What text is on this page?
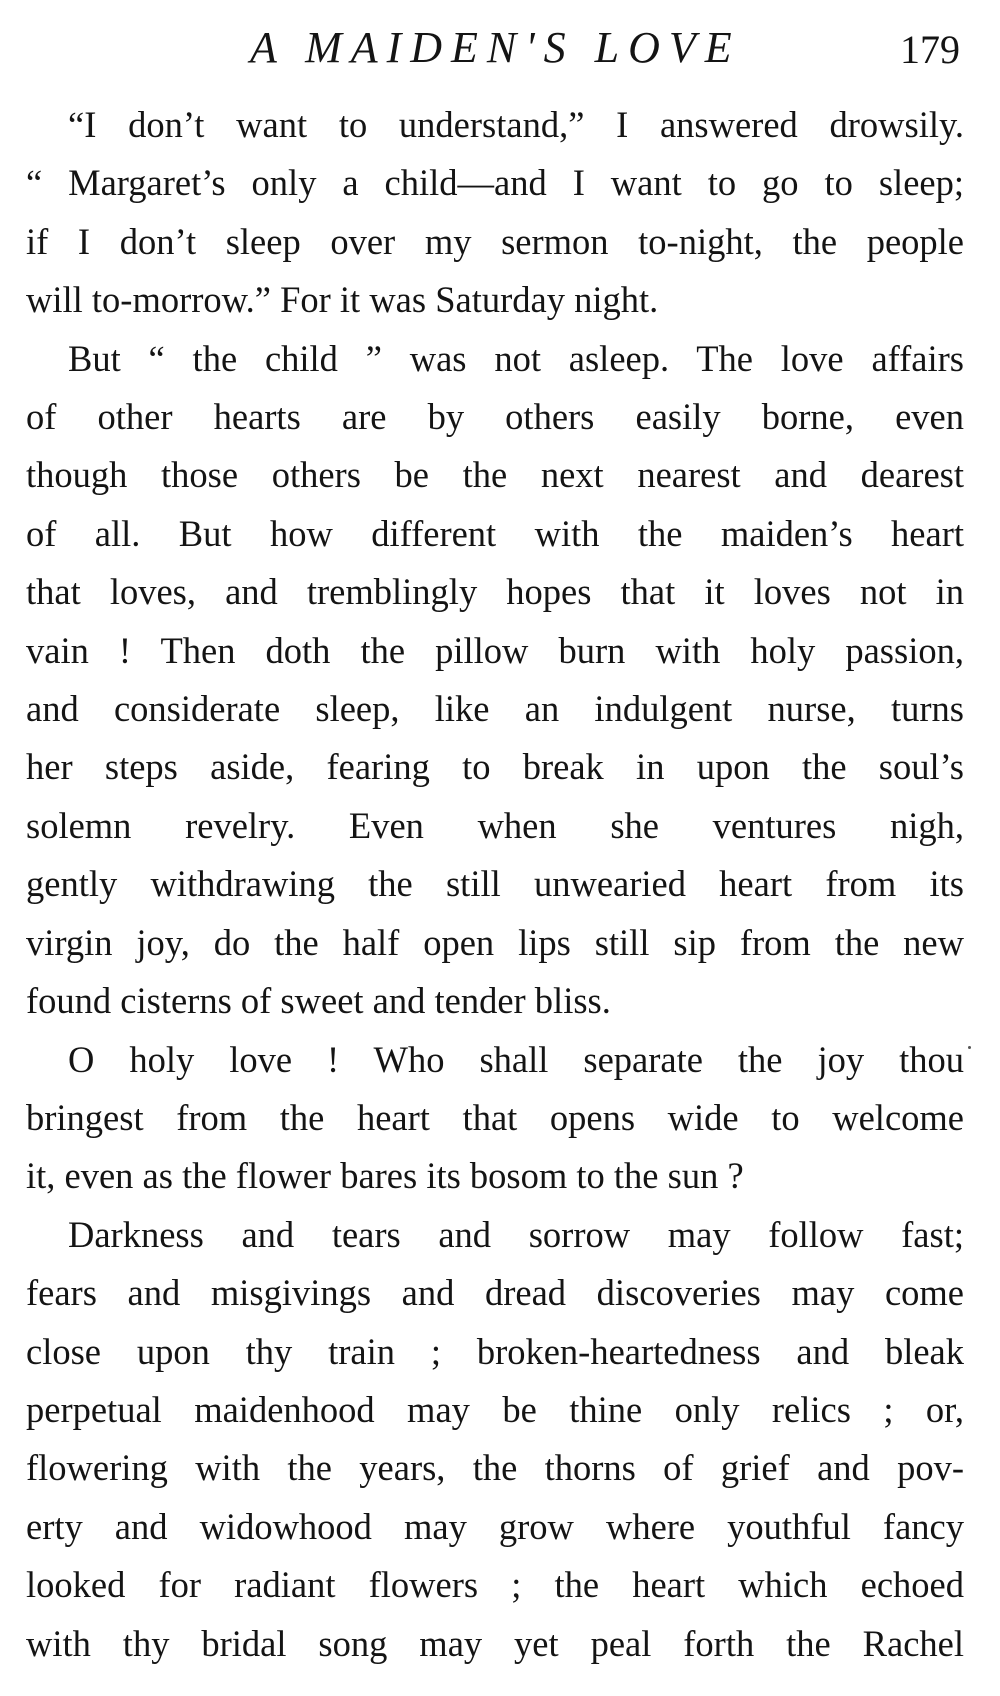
A MAIDEN'S LOVE	179

“I don’t want to understand,” I answered drowsily.
“ Margaret’s only a child—and I want to go to sleep;
if I don’t sleep over my sermon to-night, the people
will to-morrow.” For it was Saturday night.

But “ the child ” was not asleep. The love affairs
of other hearts are by others easily borne, even
though those others be the next nearest and dearest
of all. But how different with the maiden’s heart
that loves, and tremblingly hopes that it loves not in
vain ! Then doth the pillow burn with holy passion,
and considerate sleep, like an indulgent nurse, turns
her steps aside, fearing to break in upon the soul’s
solemn revelry. Even when she ventures nigh,
gently withdrawing the still unwearied heart from its
virgin joy, do the half open lips still sip from the new
found cisterns of sweet and tender bliss.

O holy love ! Who shall separate the joy thou
bringest from the heart that opens wide to welcome
it, even as the flower bares its bosom to the sun ?

Darkness and tears and sorrow may follow fast;
fears and misgivings and dread discoveries may come
close upon thy train ; broken-heartedness and bleak
perpetual maidenhood may be thine only relics ; or,
flowering with the years, the thorns of grief and pov-
erty and widowhood may grow where youthful fancy
looked for radiant flowers ; the heart which echoed
with thy bridal song may yet peal forth the Rachel
